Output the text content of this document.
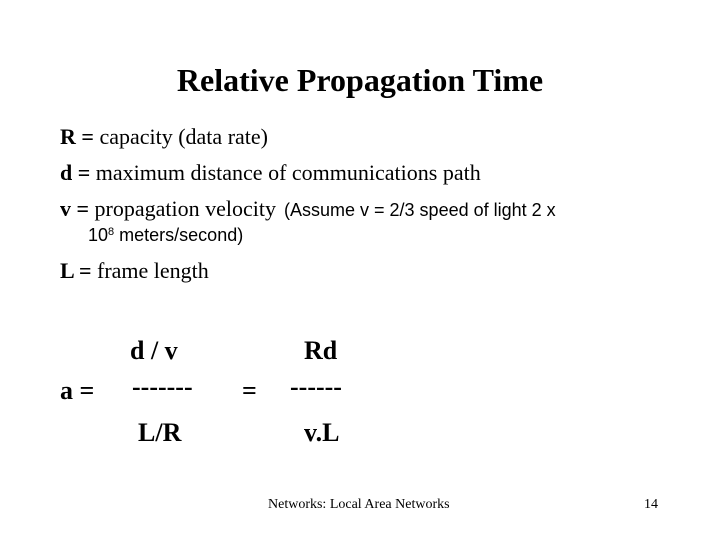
Relative Propagation Time
R = capacity (data rate)
d = maximum distance of communications path
v = propagation velocity (Assume v = 2/3 speed of light 2 x
$10^8$ meters/second)
L = frame length
a =
d / v
-------
L/R
=
Rd
------
v.L
Networks: Local Area Networks	14
